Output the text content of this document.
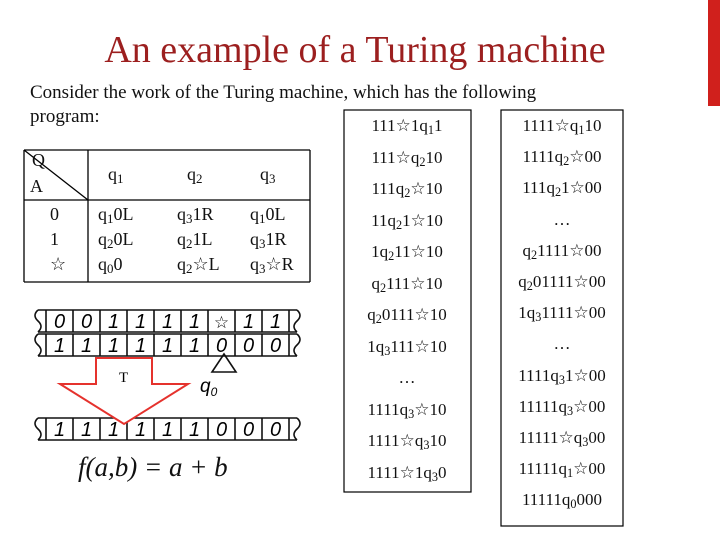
An example of a Turing machine
Consider the work of the Turing machine, which has the following
program:
Q
A
$q_1$	$q_2$	$q_3$
0 $q_10L$ $q_31R$ $q_10L$
1 $q_20L$ $q_21L$ $q_31R$
☆ $q_00$	$q_2☆L$ $q_3☆R$
0 0 1 1 1 1 ☆ 1 1
1 1 1 1 1 1 0 0 0
1 1 1 1 1 1 0 0 0
T	$q_0$
f(a,b) = a + b
$111☆1q_11$
$111☆q_210$
$111q_2☆10$
$11q_21☆10$
$1q_211☆10$
$q_2111☆10$
$q_20111☆10$
$1q_3111☆10$
…
$1111q_3☆10$
$1111☆q_310$
$1111☆1q_30$
$1111☆q_110$
$1111q_2☆00$
$111q_21☆00$
…
$q_21111☆00$
$q_201111☆00$
$1q_31111☆00$
…
$1111q_31☆00$
$11111q_3☆00$
$11111☆q_300$
$11111q_1☆00$
$11111q_0000$
